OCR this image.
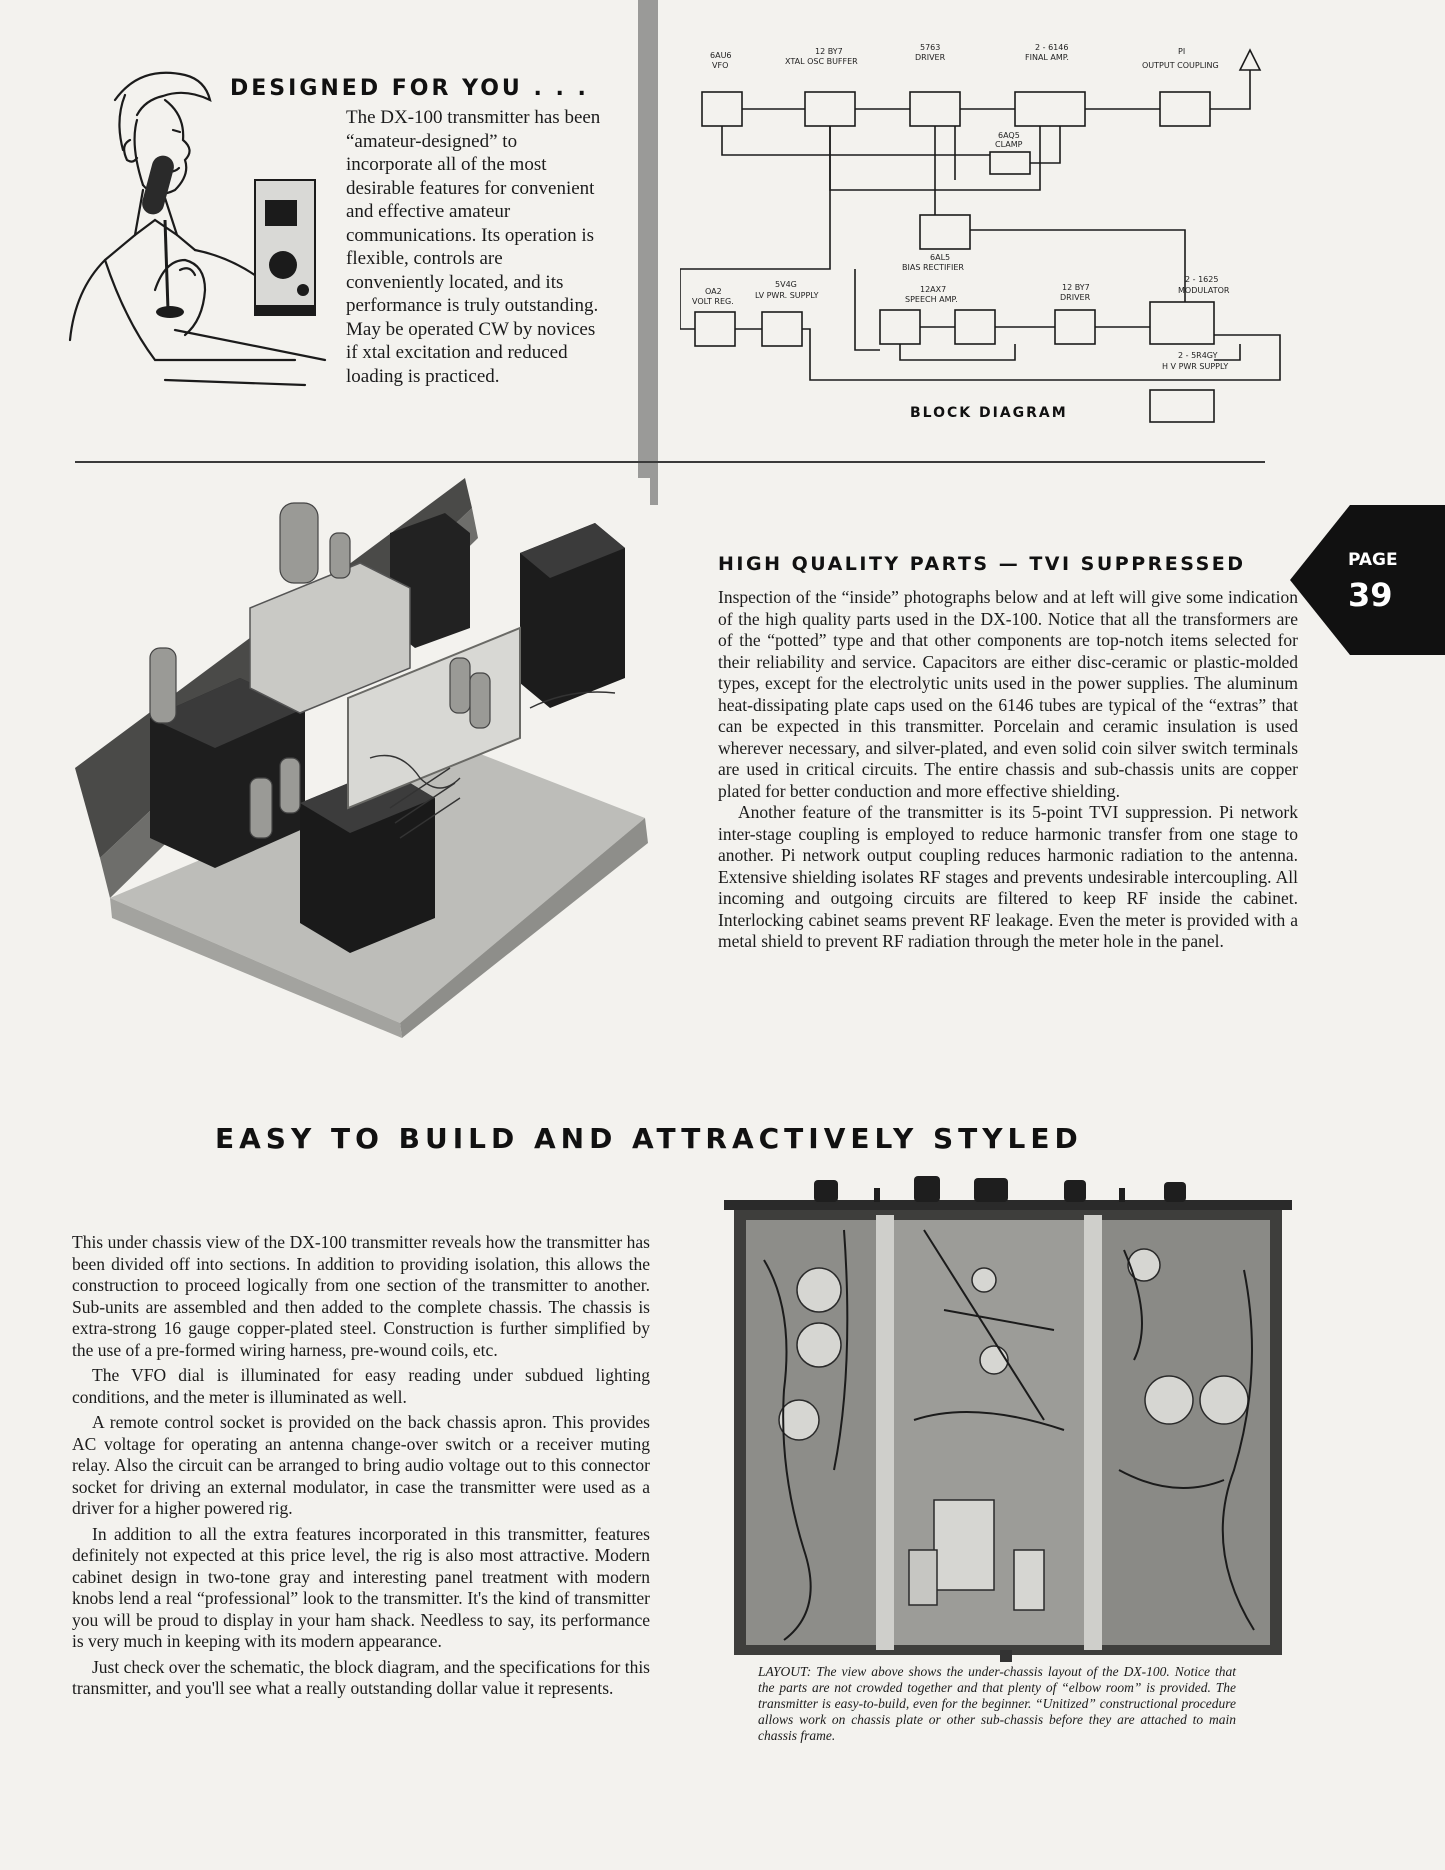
DESIGNED FOR YOU . . .
The DX-100 transmitter has been “amateur-designed” to incorporate all of the most desirable features for convenient and effective amateur communications. Its operation is flexible, controls are conveniently located, and its performance is truly outstanding. May be operated CW by novices if xtal excitation and reduced loading is practiced.
6AU6
VFO
12 BY7
XTAL OSC BUFFER
5763
DRIVER
2 - 6146
FINAL AMP.
PI
OUTPUT COUPLING
6AQ5
CLAMP
6AL5
BIAS RECTIFIER
OA2
VOLT REG.
5V4G
LV PWR. SUPPLY
12AX7
SPEECH AMP.
12 BY7
DRIVER
2 - 1625
MODULATOR
2 - 5R4GY
H V PWR SUPPLY
BLOCK DIAGRAM
PAGE
39
HIGH QUALITY PARTS — TVI SUPPRESSED

Inspection of the “inside” photographs below and at left will give some indication of the high quality parts used in the DX-100. Notice that all the transformers are of the “potted” type and that other components are top-notch items selected for their reliability and service. Capacitors are either disc-ceramic or plastic-molded types, except for the electrolytic units used in the power supplies. The aluminum heat-dissipating plate caps used on the 6146 tubes are typical of the “extras” that can be expected in this transmitter. Porcelain and ceramic insulation is used wherever necessary, and silver-plated, and even solid coin silver switch terminals are used in critical circuits. The entire chassis and sub-chassis units are copper plated for better conduction and more effective shielding.

Another feature of the transmitter is its 5-point TVI suppression. Pi network inter-stage coupling is employed to reduce harmonic transfer from one stage to another. Pi network output coupling reduces harmonic radiation to the antenna. Extensive shielding isolates RF stages and prevents undesirable intercoupling. All incoming and outgoing circuits are filtered to keep RF inside the cabinet. Interlocking cabinet seams prevent RF leakage. Even the meter is provided with a metal shield to prevent RF radiation through the meter hole in the panel.

EASY TO BUILD AND ATTRACTIVELY STYLED

This under chassis view of the DX-100 transmitter reveals how the transmitter has been divided off into sections. In addition to providing isolation, this allows the construction to proceed logically from one section of the transmitter to another. Sub-units are assembled and then added to the complete chassis. The chassis is extra-strong 16 gauge copper-plated steel. Construction is further simplified by the use of a pre-formed wiring harness, pre-wound coils, etc.

The VFO dial is illuminated for easy reading under subdued lighting conditions, and the meter is illuminated as well.

A remote control socket is provided on the back chassis apron. This provides AC voltage for operating an antenna change-over switch or a receiver muting relay. Also the circuit can be arranged to bring audio voltage out to this connector socket for driving an external modulator, in case the transmitter were used as a driver for a higher powered rig.

In addition to all the extra features incorporated in this transmitter, features definitely not expected at this price level, the rig is also most attractive. Modern cabinet design in two-tone gray and interesting panel treatment with modern knobs lend a real “professional” look to the transmitter. It's the kind of transmitter you will be proud to display in your ham shack. Needless to say, its performance is very much in keeping with its modern appearance.

Just check over the schematic, the block diagram, and the specifications for this transmitter, and you'll see what a really outstanding dollar value it represents.

LAYOUT: The view above shows the under-chassis layout of the DX-100. Notice that the parts are not crowded together and that plenty of “elbow room” is provided. The transmitter is easy-to-build, even for the beginner. “Unitized” constructional procedure allows work on chassis plate or other sub-chassis before they are attached to main chassis frame.
